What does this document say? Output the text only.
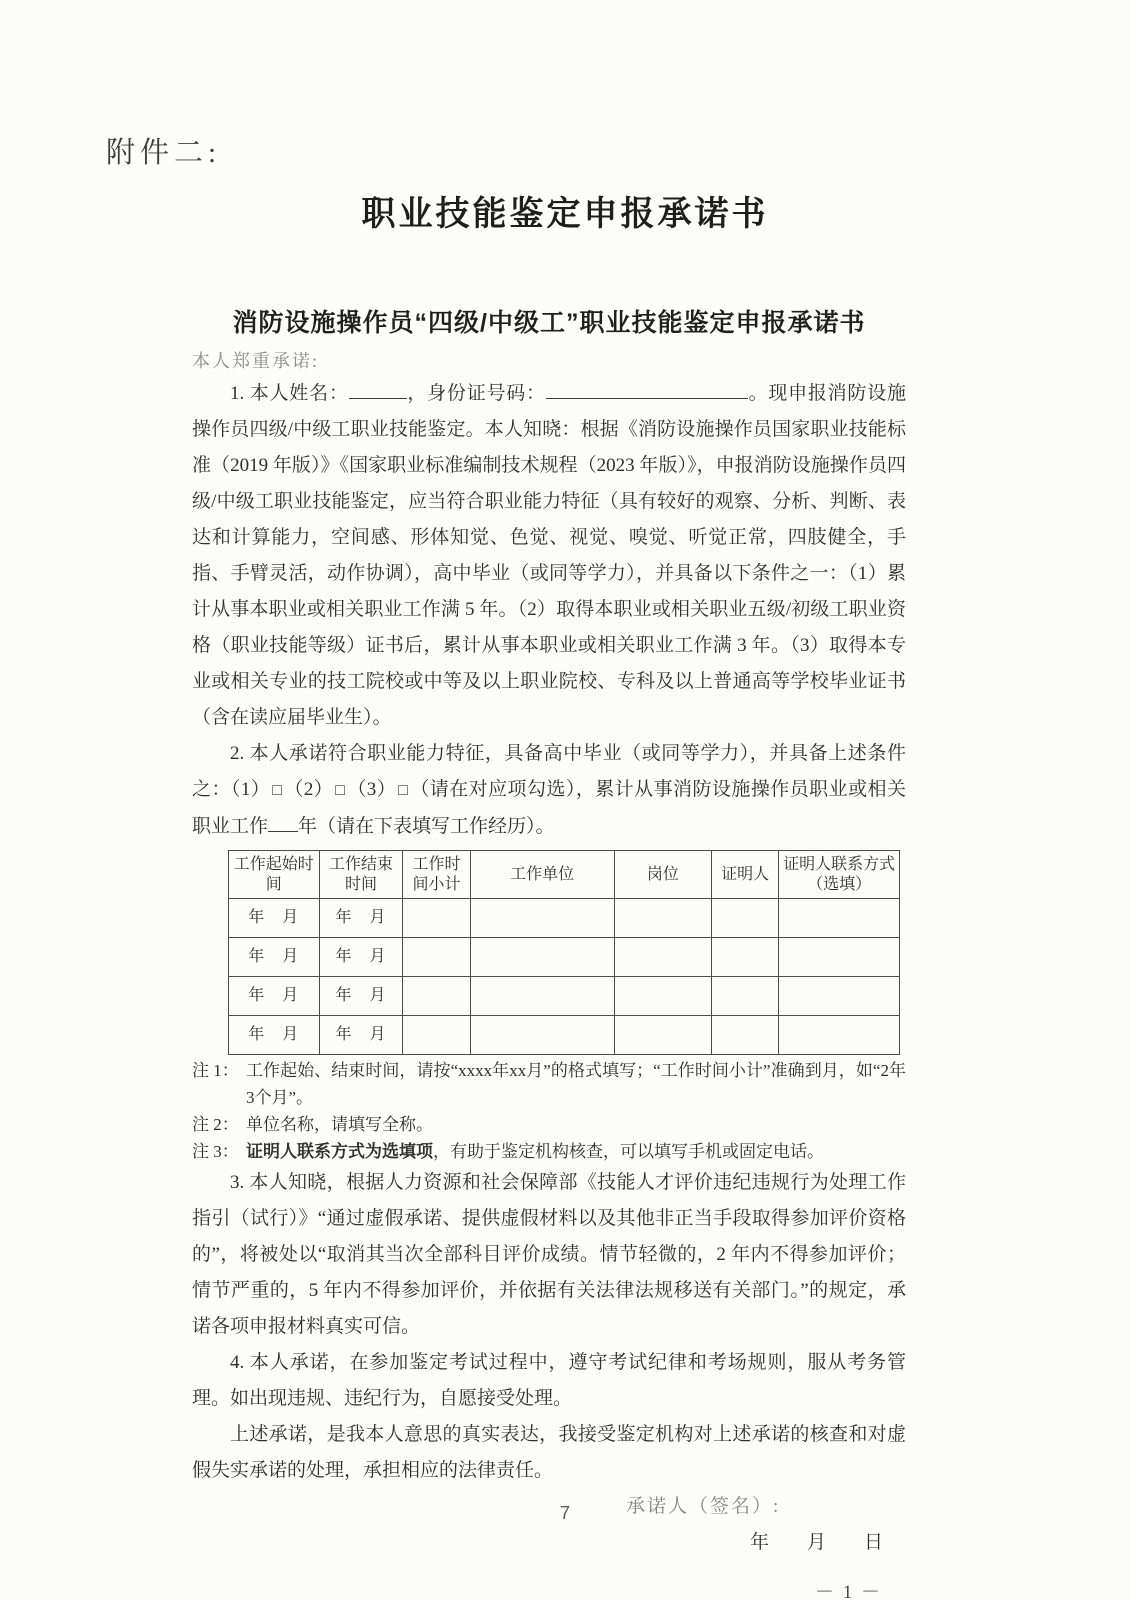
附件二:
职业技能鉴定申报承诺书
消防设施操作员“四级/中级工”职业技能鉴定申报承诺书
本人郑重承诺:

1. 本人姓名：	，身份证号码：	。现申报消防设施操作员四级/中级工职业技能鉴定。本人知晓：根据《消防设施操作员国家职业技能标准（2019 年版）》《国家职业标准编制技术规程（2023 年版）》，申报消防设施操作员四级/中级工职业技能鉴定，应当符合职业能力特征（具有较好的观察、分析、判断、表达和计算能力，空间感、形体知觉、色觉、视觉、嗅觉、听觉正常，四肢健全，手指、手臂灵活，动作协调），高中毕业（或同等学力），并具备以下条件之一：（1）累计从事本职业或相关职业工作满 5 年。（2）取得本职业或相关职业五级/初级工职业资格（职业技能等级）证书后，累计从事本职业或相关职业工作满 3 年。（3）取得本专业或相关专业的技工院校或中等及以上职业院校、专科及以上普通高等学校毕业证书（含在读应届毕业生）。

2. 本人承诺符合职业能力特征，具备高中毕业（或同等学力），并具备上述条件之：（1） □ （2） □ （3） □ （请在对应项勾选），累计从事消防设施操作员职业或相关职业工作 年（请在下表填写工作经历）。

工作起始时间	工作结束时间	工作时间小计	工作单位	岗位	证明人	证明人联系方式（选填）
年　月	年　月					
年　月	年　月					
年　月	年　月					
年　月	年　月					

注 1： 工作起始、结束时间，请按“xxxx年xx月”的格式填写；“工作时间小计”准确到月，如“2年3个月”。

注 2： 单位名称，请填写全称。

注 3： 证明人联系方式为选填项，有助于鉴定机构核查，可以填写手机或固定电话。

3. 本人知晓，根据人力资源和社会保障部《技能人才评价违纪违规行为处理工作指引（试行）》“通过虚假承诺、提供虚假材料以及其他非正当手段取得参加评价资格的”，将被处以“取消其当次全部科目评价成绩。情节轻微的，2 年内不得参加评价；情节严重的，5 年内不得参加评价，并依据有关法律法规移送有关部门。”的规定，承诺各项申报材料真实可信。

4. 本人承诺，在参加鉴定考试过程中，遵守考试纪律和考场规则，服从考务管理。如出现违规、违纪行为，自愿接受处理。

上述承诺，是我本人意思的真实表达，我接受鉴定机构对上述承诺的核查和对虚假失实承诺的处理，承担相应的法律责任。

承诺人（签名）:

年　　月　　日

－ 1 －
7
